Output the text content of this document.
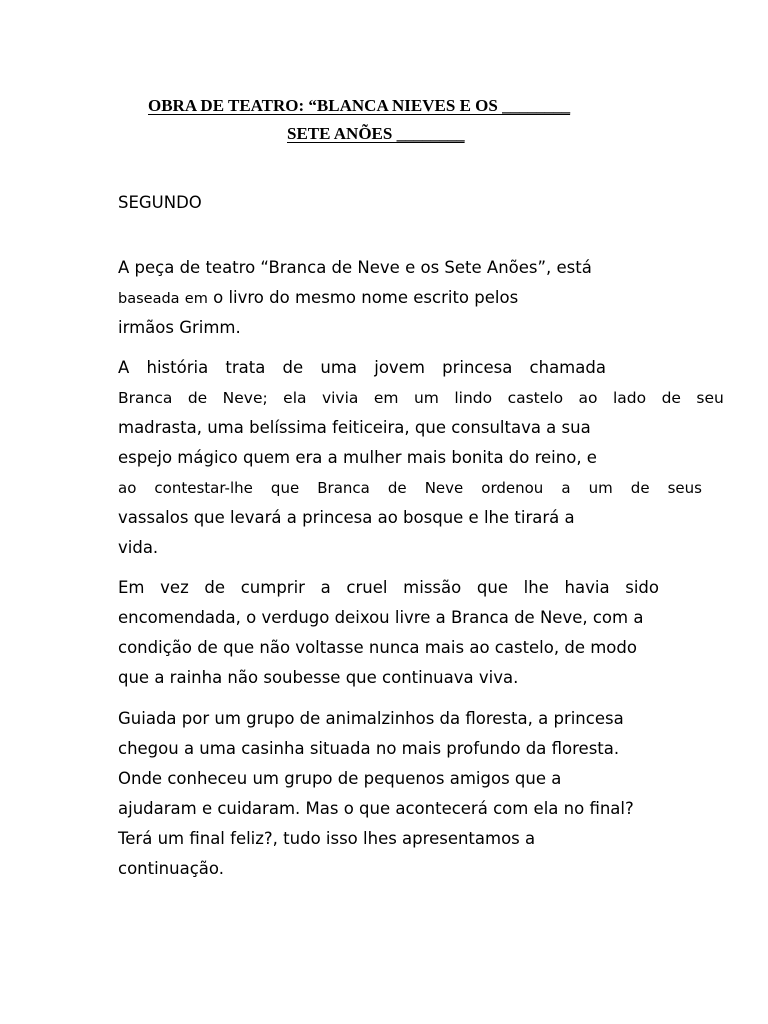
OBRA DE TEATRO: “BLANCA NIEVES E OS ________
SETE ANÕES ________
SEGUNDO
A peça de teatro “Branca de Neve e os Sete Anões”, está
baseada em o livro do mesmo nome escrito pelos
irmãos Grimm.
A história trata de uma jovem princesa chamada
Branca de Neve; ela vivia em um lindo castelo ao lado de seu
madrasta, uma belíssima feiticeira, que consultava a sua
espejo mágico quem era a mulher mais bonita do reino, e
ao contestar-lhe que Branca de Neve ordenou a um de seus
vassalos que levará a princesa ao bosque e lhe tirará a
vida.
Em vez de cumprir a cruel missão que lhe havia sido
encomendada, o verdugo deixou livre a Branca de Neve, com a
condição de que não voltasse nunca mais ao castelo, de modo
que a rainha não soubesse que continuava viva.
Guiada por um grupo de animalzinhos da floresta, a princesa
chegou a uma casinha situada no mais profundo da floresta.
Onde conheceu um grupo de pequenos amigos que a
ajudaram e cuidaram. Mas o que acontecerá com ela no final?
Terá um final feliz?, tudo isso lhes apresentamos a
continuação.
